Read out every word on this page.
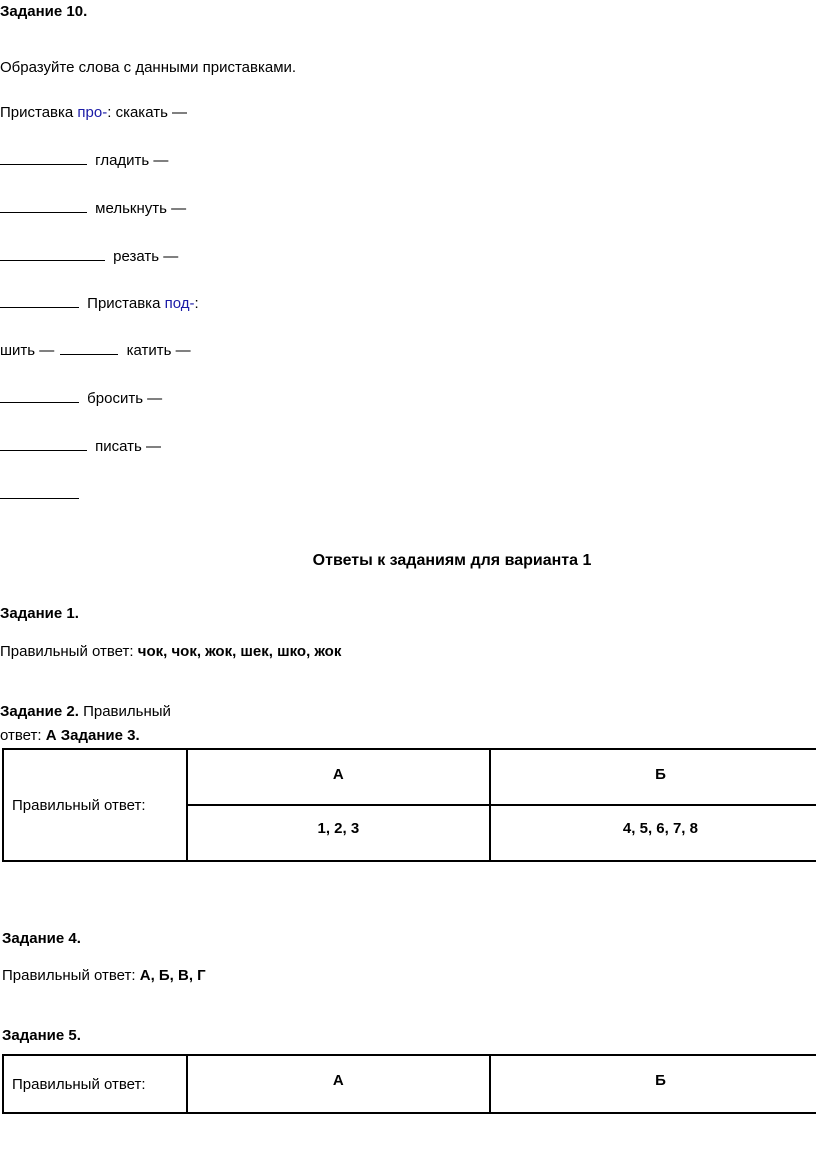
Задание 10.
Образуйте слова с данными приставками.
Приставка про-: скакать —
гладить —
мелькнуть —
резать —
Приставка под-:
шить —	катить —
бросить —
писать —
Ответы к заданиям для варианта 1
Задание 1.
Правильный ответ: чок, чок, жок, шек, шко, жок
Задание 2. Правильный
ответ: А Задание 3.
Правильный ответ:	А	Б
	1, 2, 3	4, 5, 6, 7, 8
Задание 4.
Правильный ответ: А, Б, В, Г
Задание 5.
Правильный ответ:	А	Б
